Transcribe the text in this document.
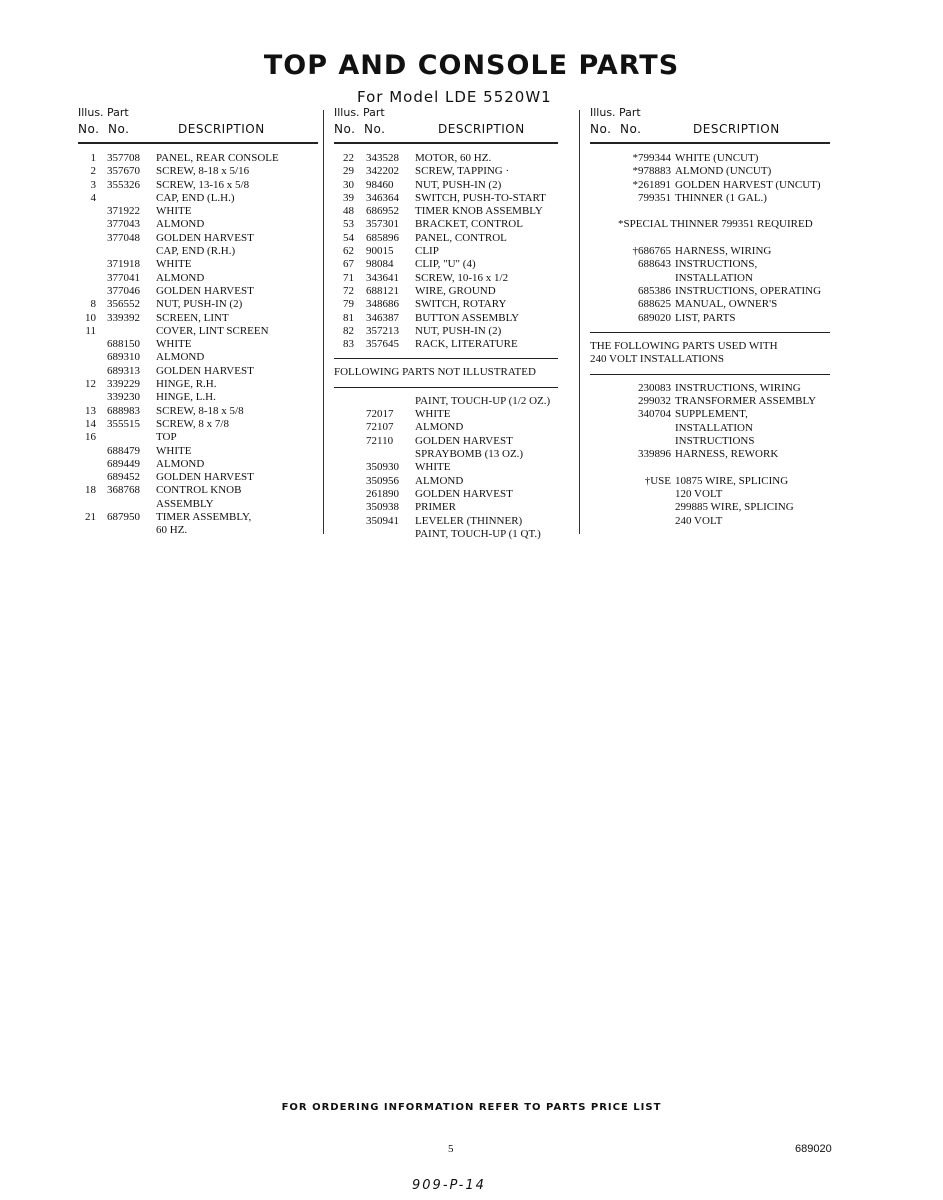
TOP AND CONSOLE PARTS
For Model LDE 5520W1
Illus. Part
No. No.	DESCRIPTION
1 357708 PANEL, REAR CONSOLE
2 357670 SCREW, 8-18 x 5/16
3 355326 SCREW, 13-16 x 5/8
4	CAP, END (L.H.)
371922 WHITE
377043 ALMOND
377048 GOLDEN HARVEST
CAP, END (R.H.)
371918 WHITE
377041 ALMOND
377046 GOLDEN HARVEST
8 356552 NUT, PUSH-IN (2)
10 339392 SCREEN, LINT
11	COVER, LINT SCREEN
688150 WHITE
689310 ALMOND
689313 GOLDEN HARVEST
12 339229 HINGE, R.H.
339230 HINGE, L.H.
13 688983 SCREW, 8-18 x 5/8
14 355515 SCREW, 8 x 7/8
16	TOP
688479 WHITE
689449 ALMOND
689452 GOLDEN HARVEST
18 368768 CONTROL KNOB
ASSEMBLY
21 687950 TIMER ASSEMBLY,
60 HZ.
Illus. Part
No. No.	DESCRIPTION
22 343528 MOTOR, 60 HZ.
29 342202 SCREW, TAPPING ·
30 98460 NUT, PUSH-IN (2)
39 346364 SWITCH, PUSH-TO-START
48 686952 TIMER KNOB ASSEMBLY
53 357301 BRACKET, CONTROL
54 685896 PANEL, CONTROL
62 90015 CLIP
67 98084 CLIP, "U" (4)
71 343641 SCREW, 10-16 x 1/2
72 688121 WIRE, GROUND
79 348686 SWITCH, ROTARY
81 346387 BUTTON ASSEMBLY
82 357213 NUT, PUSH-IN (2)
83 357645 RACK, LITERATURE
FOLLOWING PARTS NOT ILLUSTRATED
PAINT, TOUCH-UP (1/2 OZ.)
72017 WHITE
72107 ALMOND
72110 GOLDEN HARVEST
SPRAYBOMB (13 OZ.)
350930 WHITE
350956 ALMOND
261890 GOLDEN HARVEST
350938 PRIMER
350941 LEVELER (THINNER)
PAINT, TOUCH-UP (1 QT.)
Illus. Part
No. No.	DESCRIPTION
*799344 WHITE (UNCUT)
*978883 ALMOND (UNCUT)
*261891 GOLDEN HARVEST (UNCUT)
799351 THINNER (1 GAL.)
*SPECIAL THINNER 799351 REQUIRED
†686765 HARNESS, WIRING
688643 INSTRUCTIONS,
INSTALLATION
685386 INSTRUCTIONS, OPERATING
688625 MANUAL, OWNER'S
689020 LIST, PARTS
THE FOLLOWING PARTS USED WITH
240 VOLT INSTALLATIONS
230083 INSTRUCTIONS, WIRING
299032 TRANSFORMER ASSEMBLY
340704 SUPPLEMENT,
INSTALLATION
INSTRUCTIONS
339896 HARNESS, REWORK
†USE 10875 WIRE, SPLICING
120 VOLT
299885 WIRE, SPLICING
240 VOLT
FOR ORDERING INFORMATION REFER TO PARTS PRICE LIST
5	689020
909-P-14
